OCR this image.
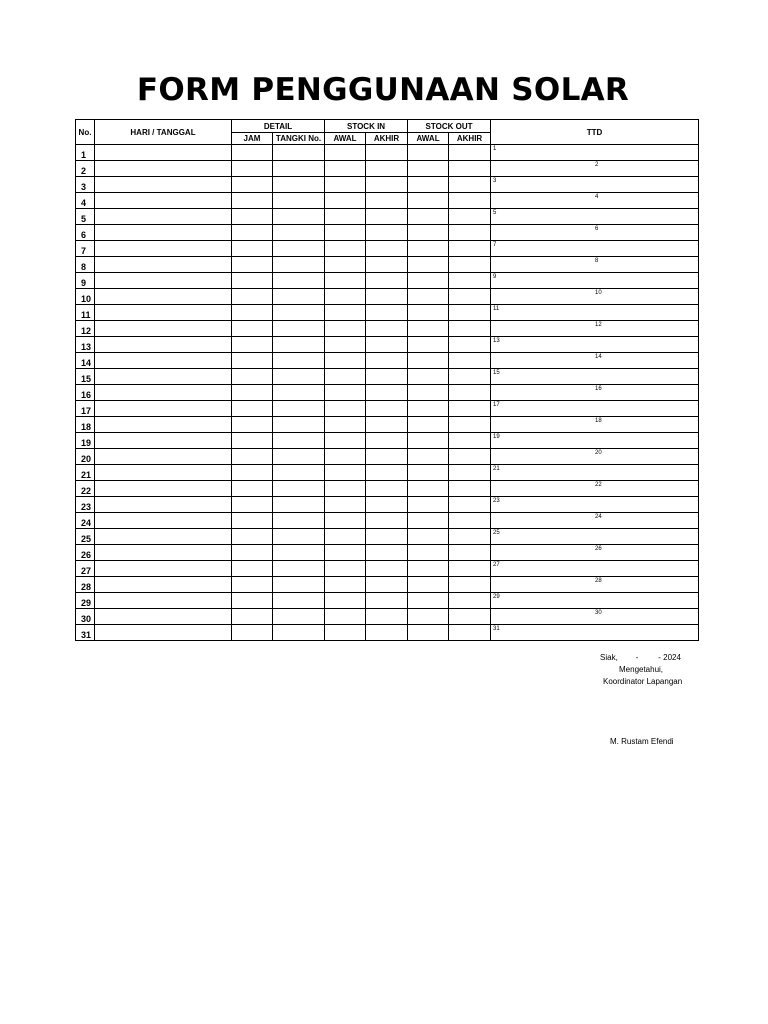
FORM PENGGUNAAN SOLAR
No.	HARI / TANGGAL	DETAIL		STOCK IN		STOCK OUT		TTD
		JAM	TANGKI No.	AWAL	AKHIR	AWAL	AKHIR	
1								1

2								2

3								3

4								4

5								5

6								6

7								7

8								8

9								9

10								10

11								11

12								12

13								13

14								14

15								15

16								16

17								17

18								18

19								19

20								20

21								21

22								22

23								23

24								24

25								25

26								26

27								27

28								28

29								29

30								30

31								31
Siak,        -         - 2024
Mengetahui,
Koordinator Lapangan
M. Rustam Efendi
